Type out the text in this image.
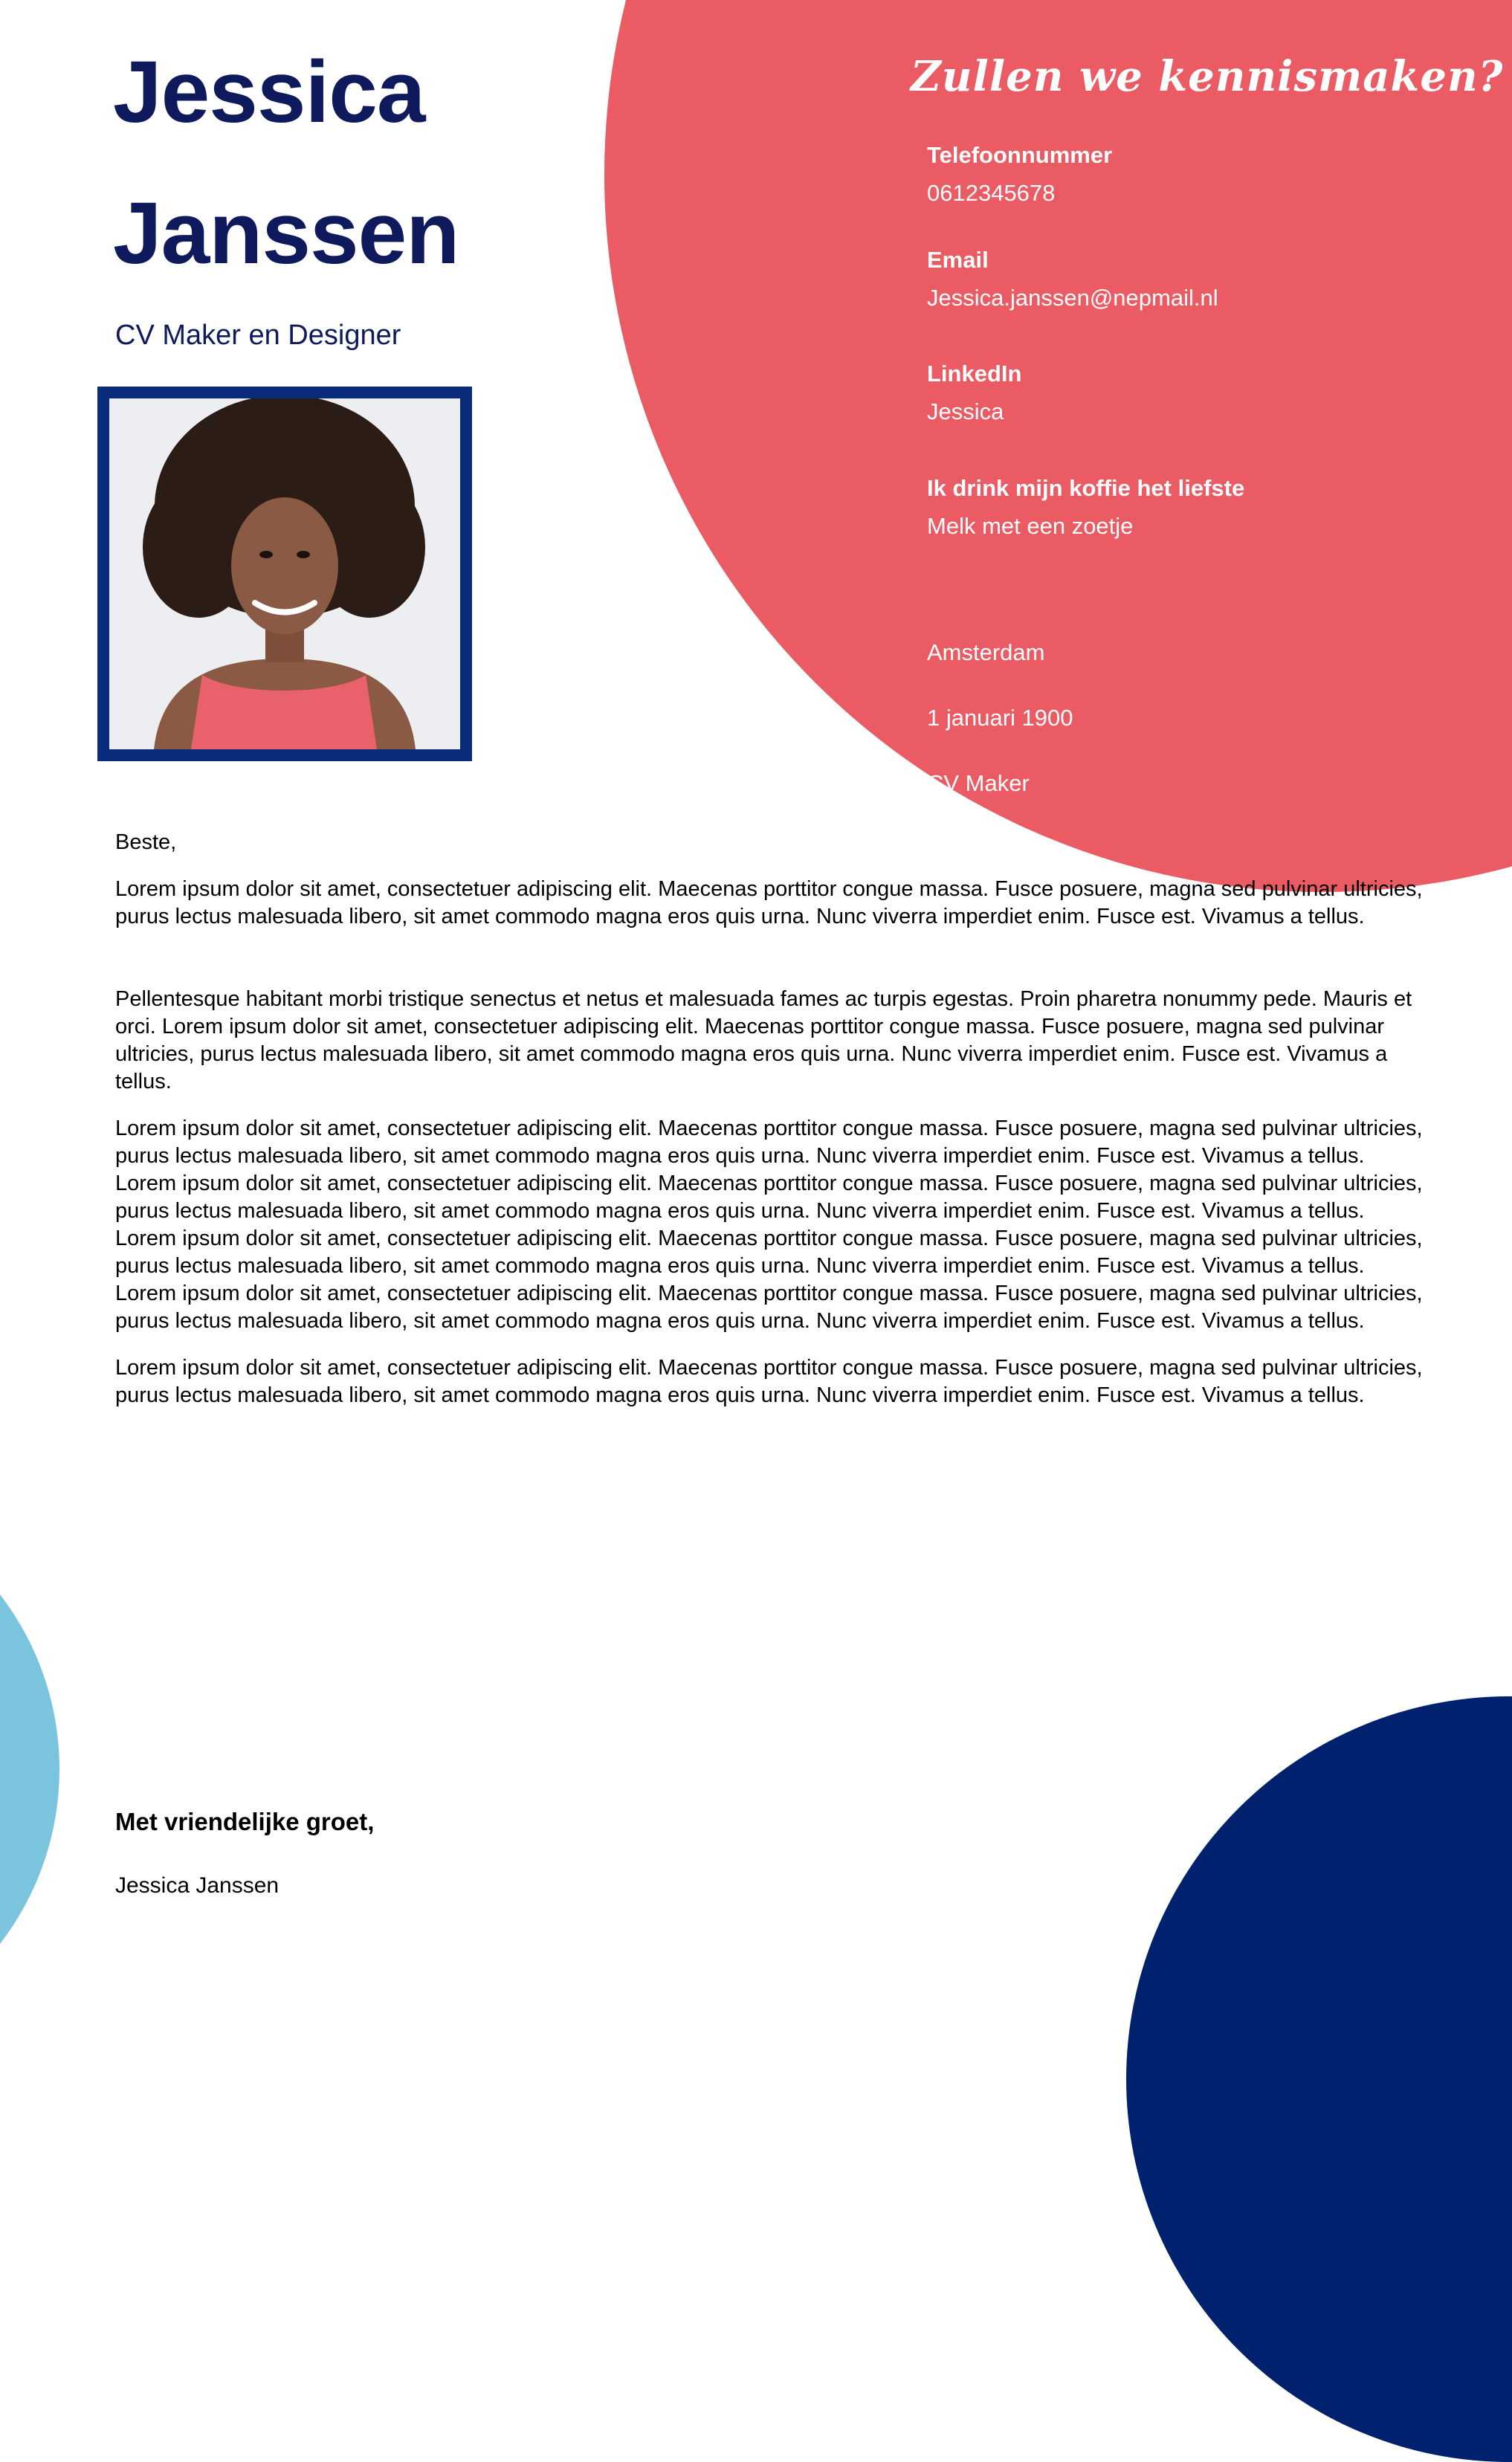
Jessica
Janssen
CV Maker en Designer
Zullen we kennismaken?
Telefoonnummer
0612345678
Email
Jessica.janssen@nepmail.nl
LinkedIn
Jessica
Ik drink mijn koffie het liefste
Melk met een zoetje
Amsterdam
1 januari 1900
CV Maker

Beste,

Lorem ipsum dolor sit amet, consectetuer adipiscing elit. Maecenas porttitor congue massa. Fusce posuere, magna sed pulvinar ultricies, purus lectus malesuada libero, sit amet commodo magna eros quis urna. Nunc viverra imperdiet enim. Fusce est. Vivamus a tellus.

Pellentesque habitant morbi tristique senectus et netus et malesuada fames ac turpis egestas. Proin pharetra nonummy pede. Mauris et orci. Lorem ipsum dolor sit amet, consectetuer adipiscing elit. Maecenas porttitor congue massa. Fusce posuere, magna sed pulvinar ultricies, purus lectus malesuada libero, sit amet commodo magna eros quis urna. Nunc viverra imperdiet enim. Fusce est. Vivamus a tellus.

Lorem ipsum dolor sit amet, consectetuer adipiscing elit. Maecenas porttitor congue massa. Fusce posuere, magna sed pulvinar ultricies, purus lectus malesuada libero, sit amet commodo magna eros quis urna. Nunc viverra imperdiet enim. Fusce est. Vivamus a tellus. Lorem ipsum dolor sit amet, consectetuer adipiscing elit. Maecenas porttitor congue massa. Fusce posuere, magna sed pulvinar ultricies, purus lectus malesuada libero, sit amet commodo magna eros quis urna. Nunc viverra imperdiet enim. Fusce est. Vivamus a tellus. Lorem ipsum dolor sit amet, consectetuer adipiscing elit. Maecenas porttitor congue massa. Fusce posuere, magna sed pulvinar ultricies, purus lectus malesuada libero, sit amet commodo magna eros quis urna. Nunc viverra imperdiet enim. Fusce est. Vivamus a tellus. Lorem ipsum dolor sit amet, consectetuer adipiscing elit. Maecenas porttitor congue massa. Fusce posuere, magna sed pulvinar ultricies, purus lectus malesuada libero, sit amet commodo magna eros quis urna. Nunc viverra imperdiet enim. Fusce est. Vivamus a tellus.

Lorem ipsum dolor sit amet, consectetuer adipiscing elit. Maecenas porttitor congue massa. Fusce posuere, magna sed pulvinar ultricies, purus lectus malesuada libero, sit amet commodo magna eros quis urna. Nunc viverra imperdiet enim. Fusce est. Vivamus a tellus.

Met vriendelijke groet,
Jessica Janssen
